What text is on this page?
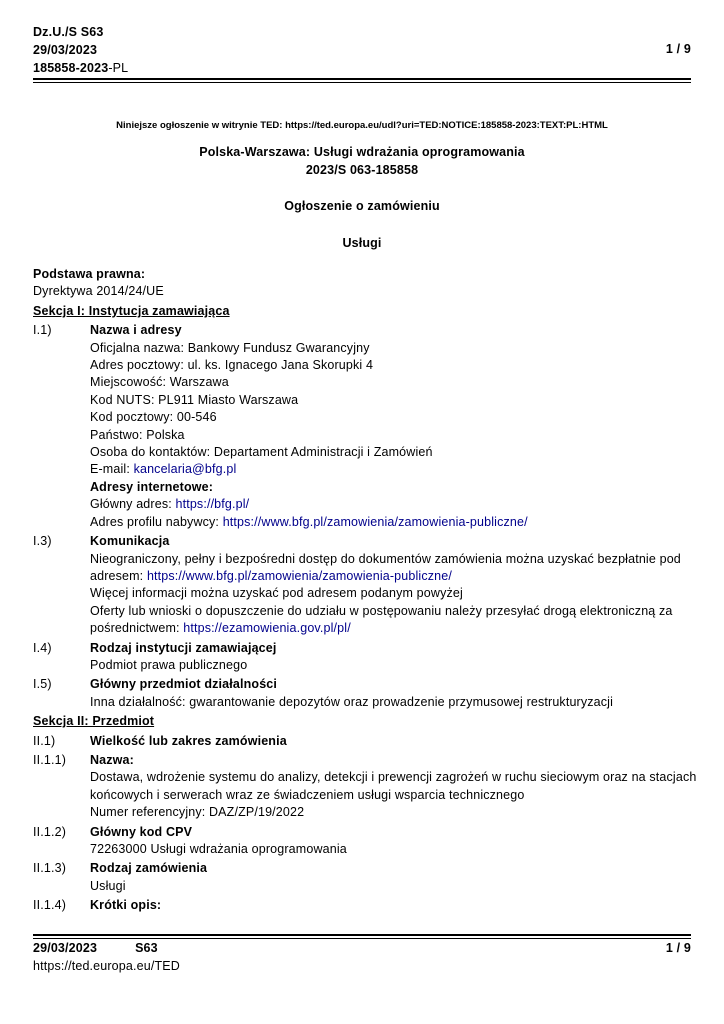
Dz.U./S S63
29/03/2023
185858-2023-PL
1 / 9
Niniejsze ogłoszenie w witrynie TED: https://ted.europa.eu/udl?uri=TED:NOTICE:185858-2023:TEXT:PL:HTML
Polska-Warszawa: Usługi wdrażania oprogramowania
2023/S 063-185858
Ogłoszenie o zamówieniu
Usługi
Podstawa prawna:
Dyrektywa 2014/24/UE
Sekcja I: Instytucja zamawiająca
I.1)	Nazwa i adresy
Oficjalna nazwa: Bankowy Fundusz Gwarancyjny
Adres pocztowy: ul. ks. Ignacego Jana Skorupki 4
Miejscowość: Warszawa
Kod NUTS: PL911 Miasto Warszawa
Kod pocztowy: 00-546
Państwo: Polska
Osoba do kontaktów: Departament Administracji i Zamówień
E-mail: kancelaria@bfg.pl
Adresy internetowe:
Główny adres: https://bfg.pl/
Adres profilu nabywcy: https://www.bfg.pl/zamowienia/zamowienia-publiczne/
I.3)	Komunikacja
Nieograniczony, pełny i bezpośredni dostęp do dokumentów zamówienia można uzyskać bezpłatnie pod
adresem: https://www.bfg.pl/zamowienia/zamowienia-publiczne/
Więcej informacji można uzyskać pod adresem podanym powyżej
Oferty lub wnioski o dopuszczenie do udziału w postępowaniu należy przesyłać drogą elektroniczną za
pośrednictwem: https://ezamowienia.gov.pl/pl/
I.4)	Rodzaj instytucji zamawiającej
Podmiot prawa publicznego
I.5)	Główny przedmiot działalności
Inna działalność: gwarantowanie depozytów oraz prowadzenie przymusowej restrukturyzacji
Sekcja II: Przedmiot
II.1)	Wielkość lub zakres zamówienia
II.1.1)	Nazwa:
Dostawa, wdrożenie systemu do analizy, detekcji i prewencji zagrożeń w ruchu sieciowym oraz na stacjach
końcowych i serwerach wraz ze świadczeniem usługi wsparcia technicznego
Numer referencyjny: DAZ/ZP/19/2022
II.1.2)	Główny kod CPV
72263000 Usługi wdrażania oprogramowania
II.1.3)	Rodzaj zamówienia
Usługi
II.1.4)	Krótki opis:
29/03/2023	S63	1 / 9
https://ted.europa.eu/TED
